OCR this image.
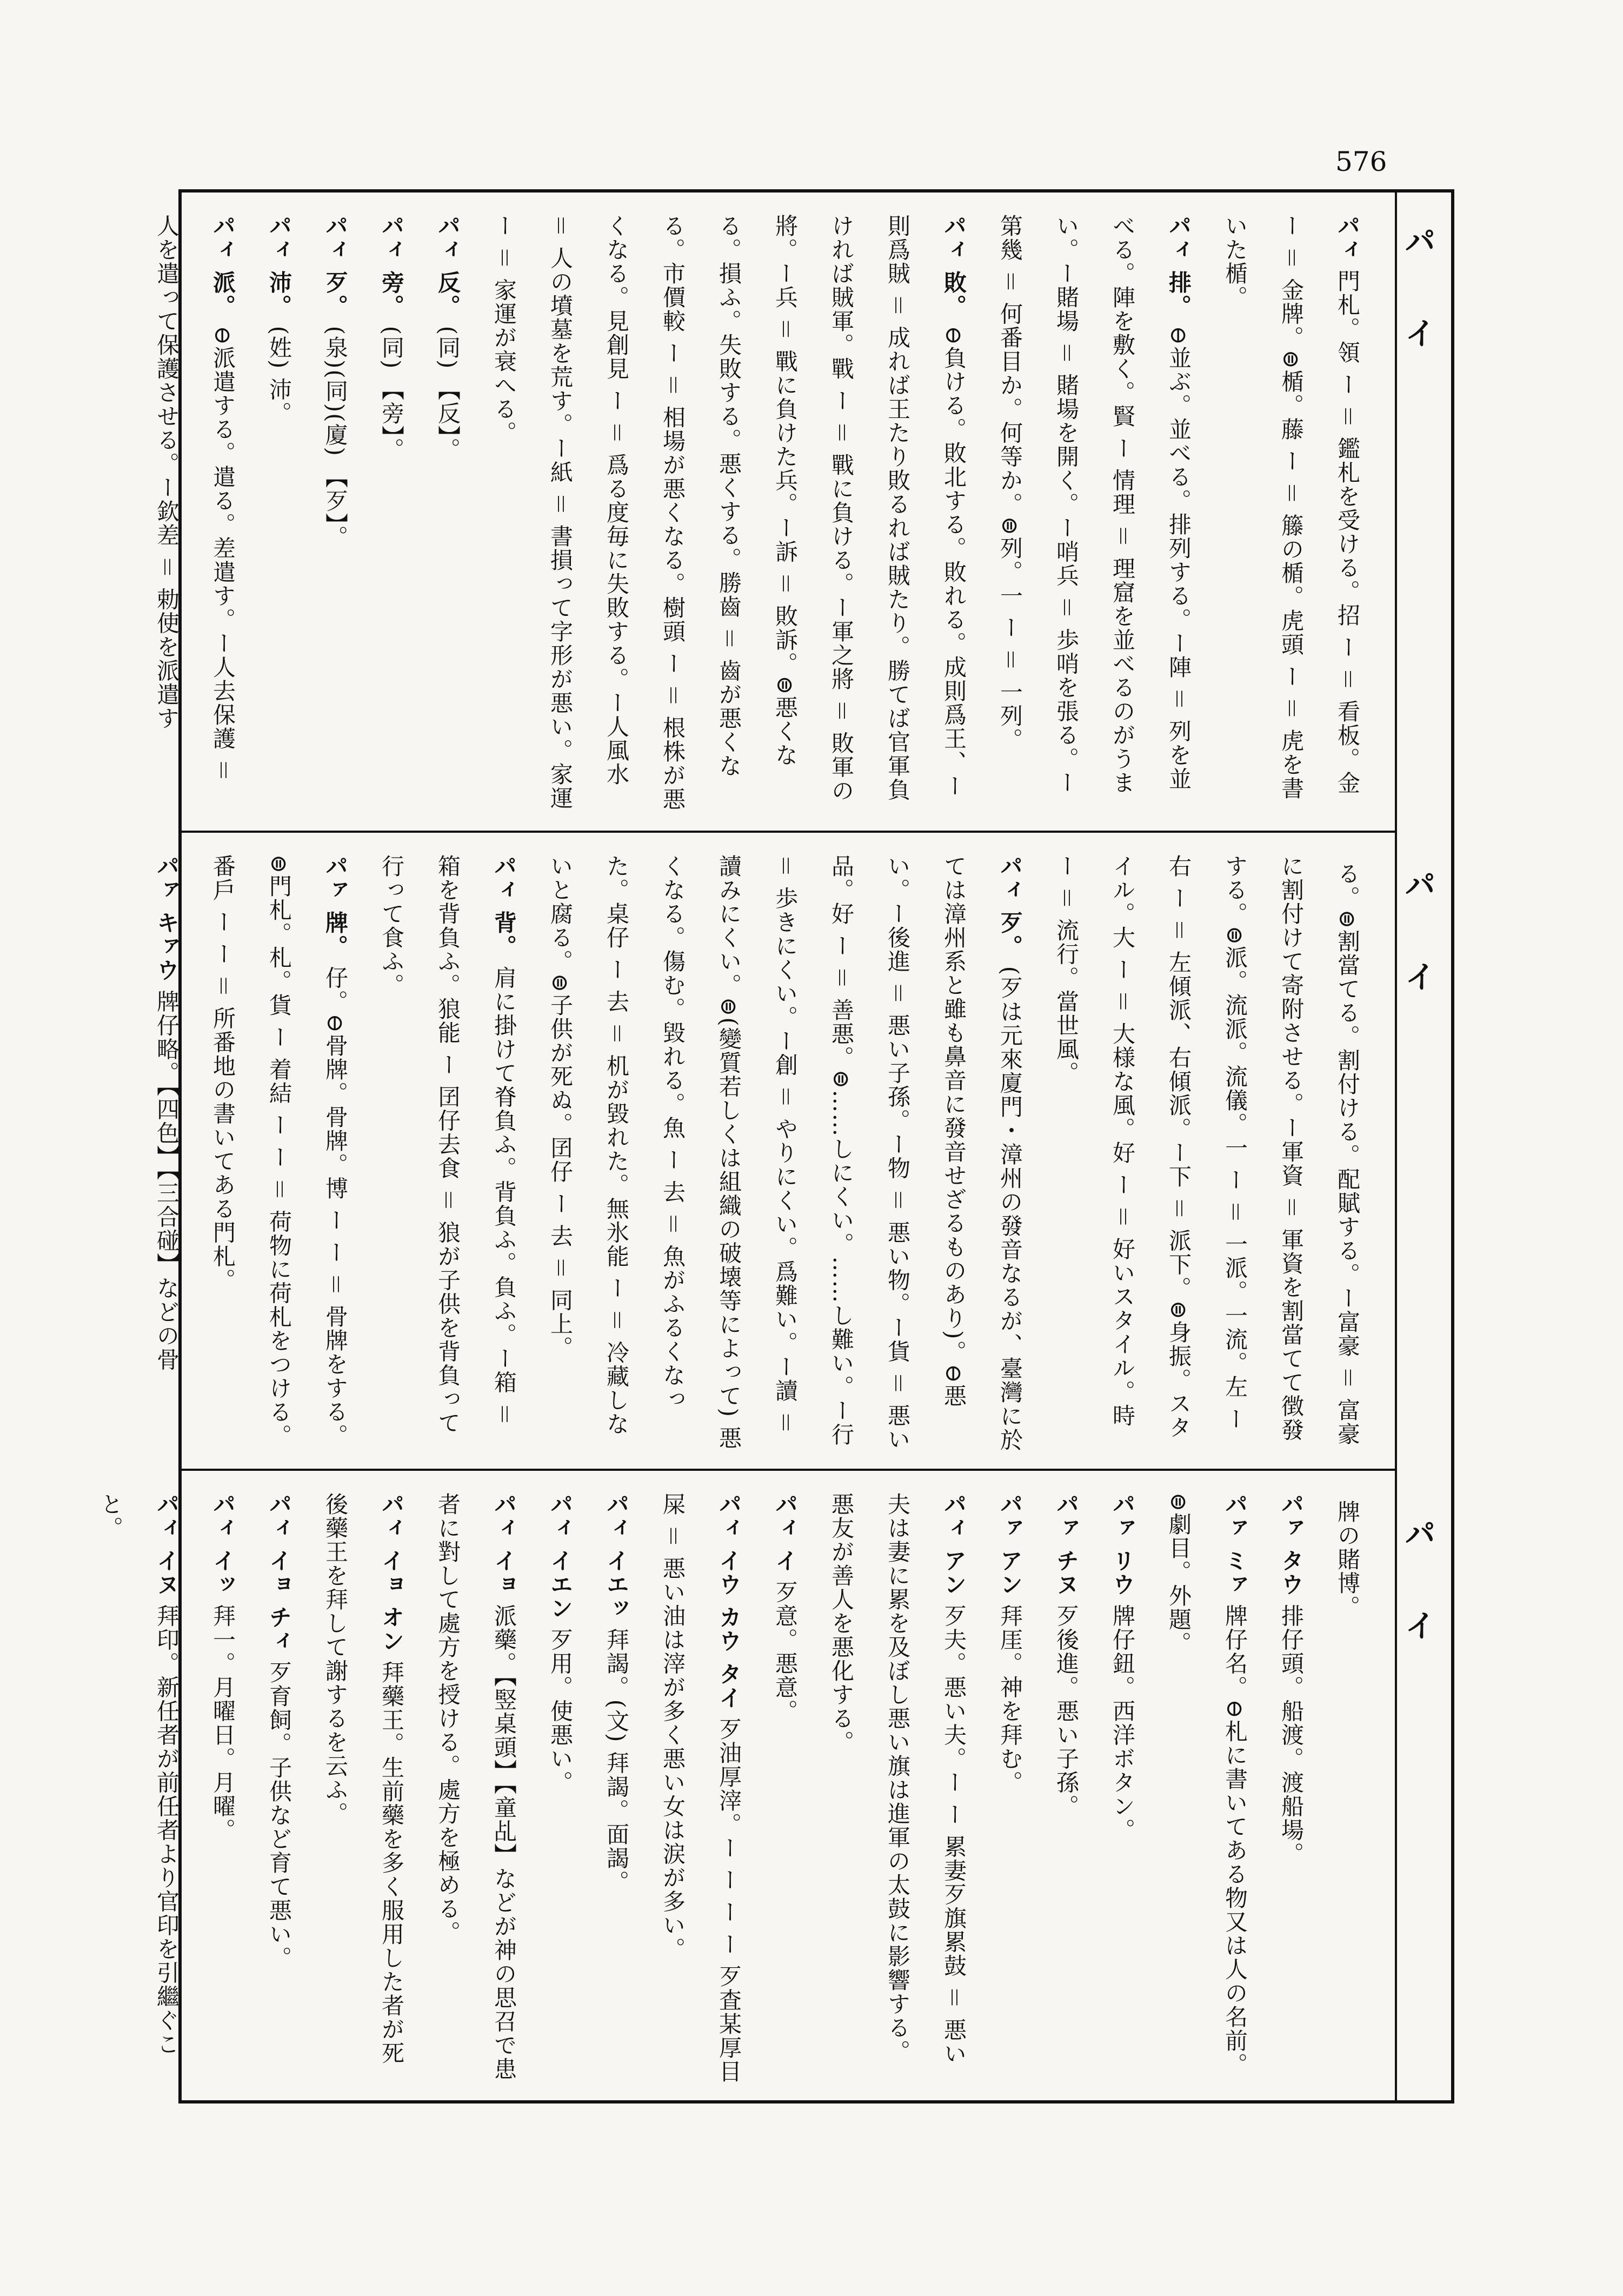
576
パ
イ
パ
イ
パ
イ
パィ門札。領 ー ＝ 鑑札を受ける。招 ー ＝ 看板。金 ー ＝ 金牌。⊜楯。藤 ー ＝ 籐の楯。虎頭 ー ＝ 虎を書いた楯。
パィ 排。⊖並ぶ。並べる。排列する。ー陣 ＝ 列を並べる。陣を敷く。賢 ー 情理 ＝ 理窟を並べるのがうまい。ー賭場 ＝ 賭場を開く。ー哨兵 ＝ 歩哨を張る。ー第幾 ＝ 何番目か。何等か。⊜列。一 ー ＝ 一列。
パィ 敗。⊖負ける。敗北する。敗れる。成則爲王、ー則爲賊 ＝ 成れば王たり敗るれば賊たり。勝てば官軍負ければ賊軍。戰 ー ＝ 戰に負ける。ー軍之將 ＝ 敗軍の將。ー兵 ＝ 戰に負けた兵。ー訴 ＝ 敗訴。⊜悪くなる。損ふ。失敗する。悪くする。勝齒 ＝ 齒が悪くなる。市價較 ー ＝ 相場が悪くなる。樹頭 ー ＝ 根株が悪くなる。見創見 ー ＝ 爲る度毎に失敗する。ー人風水 ＝ 人の墳墓を荒す。ー紙 ＝ 書損って字形が悪い。家運 ー ＝ 家運が衰へる。
パィ 反。(同) 【反】。
パィ 旁。(同) 【旁】。
パィ 歹。(泉)(同)(廈) 【歹】。
パィ 沛。(姓) 沛。
パィ 派。⊖派遣する。遣る。差遣す。ー人去保護 ＝ 人を遣って保護させる。ー欽差 ＝ 勅使を派遣す
る。⊜割當てる。割付ける。配賦する。ー富豪 ＝ 富豪に割付けて寄附させる。ー軍資 ＝ 軍資を割當てて徴發する。⊜派。流派。流儀。一 ー ＝ 一派。一流。左 ー 右 ー ＝ 左傾派、右傾派。ー下 ＝ 派下。⊜身振。スタイル。大 ー ＝ 大様な風。好 ー ＝ 好いスタイル。時 ー ＝ 流行。當世風。
パィ 歹。(歹は元來廈門・漳州の發音なるが、臺灣に於ては漳州系と雖も鼻音に發音せざるものあり)。⊖悪い。ー後進 ＝ 悪い子孫。ー物 ＝ 悪い物。ー貨 ＝ 悪い品。好 ー ＝ 善悪。⊜……しにくい。……し難い。ー行 ＝ 歩きにくい。ー創 ＝ やりにくい。爲難い。ー讀 ＝ 讀みにくい。⊜(變質若しくは組織の破壊等によって) 悪くなる。傷む。毀れる。魚 ー 去 ＝ 魚がふるくなった。桌仔 ー 去 ＝ 机が毀れた。無氷能 ー ＝ 冷藏しないと腐る。⊜子供が死ぬ。囝仔 ー 去 ＝ 同上。
パィ 背。肩に掛けて脊負ふ。背負ふ。負ふ。ー箱 ＝ 箱を背負ふ。狼能 ー 囝仔去食 ＝ 狼が子供を背負って行って食ふ。
パァ 牌。仔。⊖骨牌。骨牌。博 ー ー ＝ 骨牌をする。⊜門札。札。貨 ー 着結 ー ー ＝ 荷物に荷札をつける。番戶 ー ー ＝ 所番地の書いてある門札。
パァ キァウ牌仔略。【四色】【三合碰】などの骨
牌の賭博。
パァ タウ排仔頭。船渡。渡船場。
パァ ミァ牌仔名。⊖札に書いてある物又は人の名前。⊜劇目。外題。
パァ リウ牌仔鈕。西洋ボタン。
パァ チヌ歹後進。悪い子孫。
パァ アン拜厓。神を拜む。
パィ アン歹夫。悪い夫。ー ー 累妻歹旗累鼓 ＝ 悪い夫は妻に累を及ぼし悪い旗は進軍の太鼓に影響する。悪友が善人を悪化する。
パィ イ歹意。悪意。
パィ イウ カウ タイ歹油厚滓。ー ー ー ー 歹査某厚目屎 ＝ 悪い油は滓が多く悪い女は涙が多い。
パィ イエッ拜謁。(文) 拜謁。面謁。
パィ イエン歹用。使悪い。
パィ イョ派藥。【竪桌頭】【童乩】などが神の思召で患者に對して處方を授ける。處方を極める。
パィ イョ オン拜藥王。生前藥を多く服用した者が死後藥王を拜して謝するを云ふ。
パィ イョ チィ歹育飼。子供など育て悪い。
パィ イッ拜一。月曜日。月曜。
パィ イヌ拜印。新任者が前任者より官印を引繼ぐこと。
